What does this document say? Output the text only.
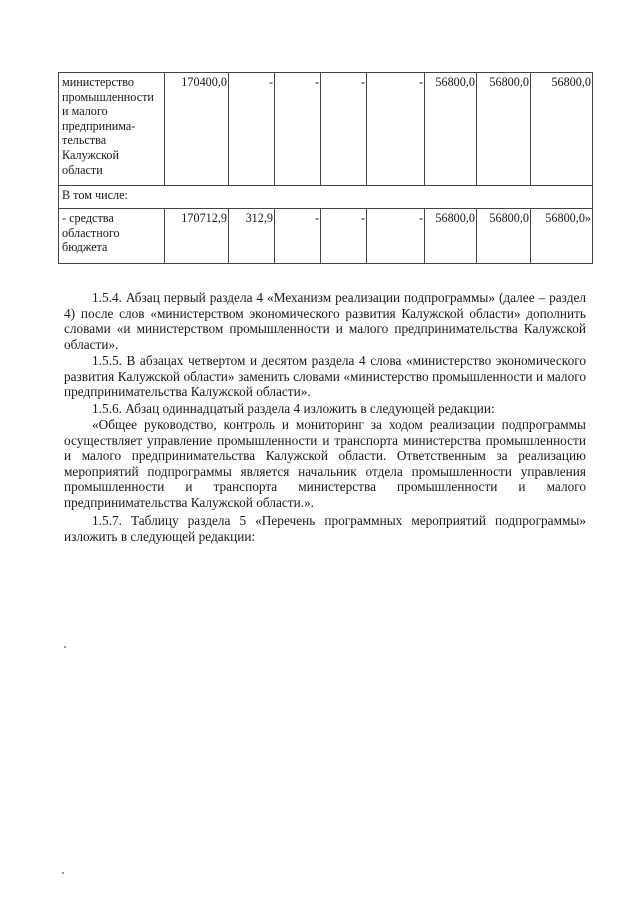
министерство промышленности и малого предпринима-тельства Калужской области	170400,0	-	-	-	-	56800,0	56800,0	56800,0
В том числе:								
- средства областного бюджета	170712,9	312,9	-	-	-	56800,0	56800,0	56800,0»

1.5.4. Абзац первый раздела 4 «Механизм реализации подпрограммы» (далее – раздел 4) после слов «министерством экономического развития Калужской области» дополнить словами «и министерством промышленности и малого предпринимательства Калужской области».

1.5.5. В абзацах четвертом и десятом раздела 4 слова «министерство экономического развития Калужской области» заменить словами «министерство промышленности и малого предпринимательства Калужской области».

1.5.6. Абзац одиннадцатый раздела 4 изложить в следующей редакции:

«Общее руководство, контроль и мониторинг за ходом реализации подпрограммы осуществляет управление промышленности и транспорта министерства промышленности и малого предпринимательства Калужской области. Ответственным за реализацию мероприятий подпрограммы является начальник отдела промышленности управления промышленности и транспорта министерства промышленности и малого предпринимательства Калужской области.».

1.5.7. Таблицу раздела 5 «Перечень программных мероприятий подпрограммы» изложить в следующей редакции:
